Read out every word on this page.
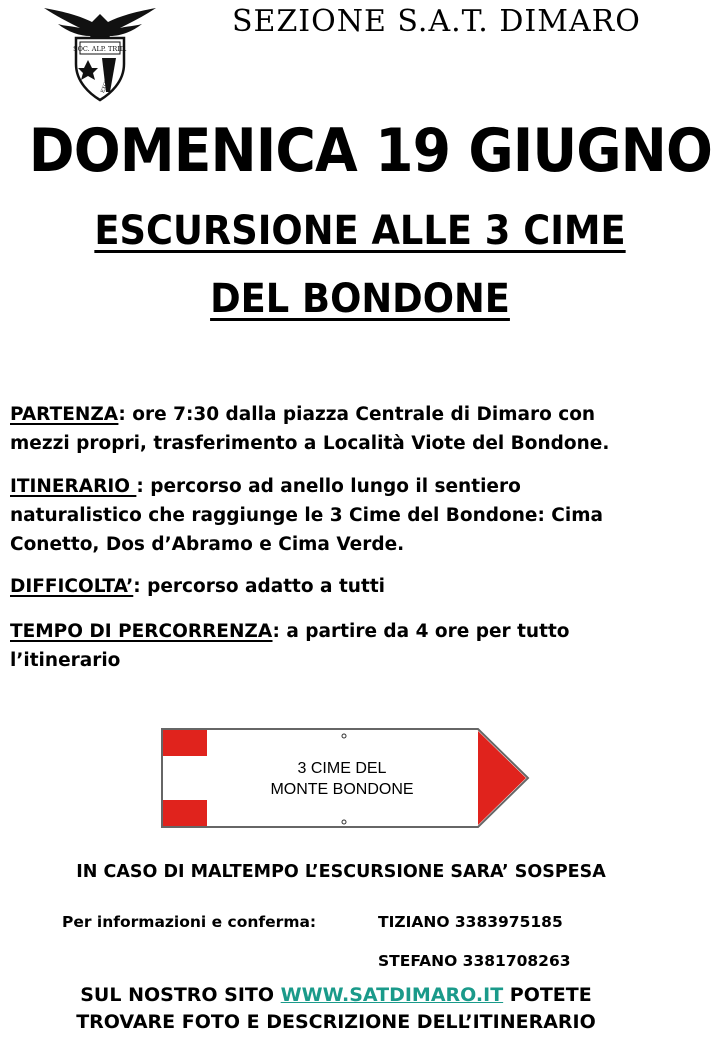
SOC. ALP. TRID.
EXCELSIOR
SEZIONE S.A.T. DIMARO
DOMENICA 19 GIUGNO
ESCURSIONE ALLE 3 CIME
DEL BONDONE
PARTENZA: ore 7:30 dalla piazza Centrale di Dimaro con
mezzi propri, trasferimento a Località Viote del Bondone.
ITINERARIO : percorso ad anello lungo il sentiero
naturalistico che raggiunge le 3 Cime del Bondone: Cima
Conetto, Dos d’Abramo e Cima Verde.
DIFFICOLTA’: percorso adatto a tutti
TEMPO DI PERCORRENZA: a partire da 4 ore per tutto
l’itinerario
3 CIME DEL
MONTE BONDONE
IN CASO DI MALTEMPO L’ESCURSIONE SARA’ SOSPESA
Per informazioni e conferma:	TIZIANO 3383975185
STEFANO 3381708263
SUL NOSTRO SITO WWW.SATDIMARO.IT POTETE
TROVARE FOTO E DESCRIZIONE DELL’ITINERARIO
